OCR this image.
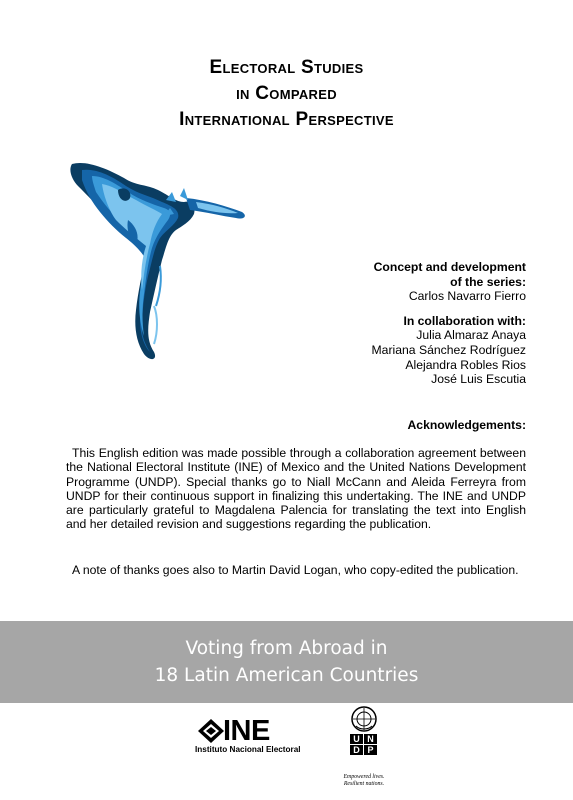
Electoral Studies
in Compared
International Perspective
Concept and development
of the series:
Carlos Navarro Fierro
In collaboration with:
Julia Almaraz Anaya
Mariana Sánchez Rodríguez
Alejandra Robles Rios
José Luis Escutia
Acknowledgements:

This English edition was made possible through a collaboration agreement between the National Electoral Institute (INE) of Mexico and the United Nations Development Programme (UNDP). Special thanks go to Niall McCann and Aleida Ferreyra from UNDP for their continuous support in finalizing this undertaking. The INE and UNDP are particularly grateful to Magdalena Palencia for translating the text into English and her detailed revision and suggestions regarding the publication.

A note of thanks goes also to Martin David Logan, who copy-edited the publication.

Voting from Abroad in
18 Latin American Countries
INE
Instituto Nacional Electoral
U N
D P
Empowered lives.
Resilient nations.
